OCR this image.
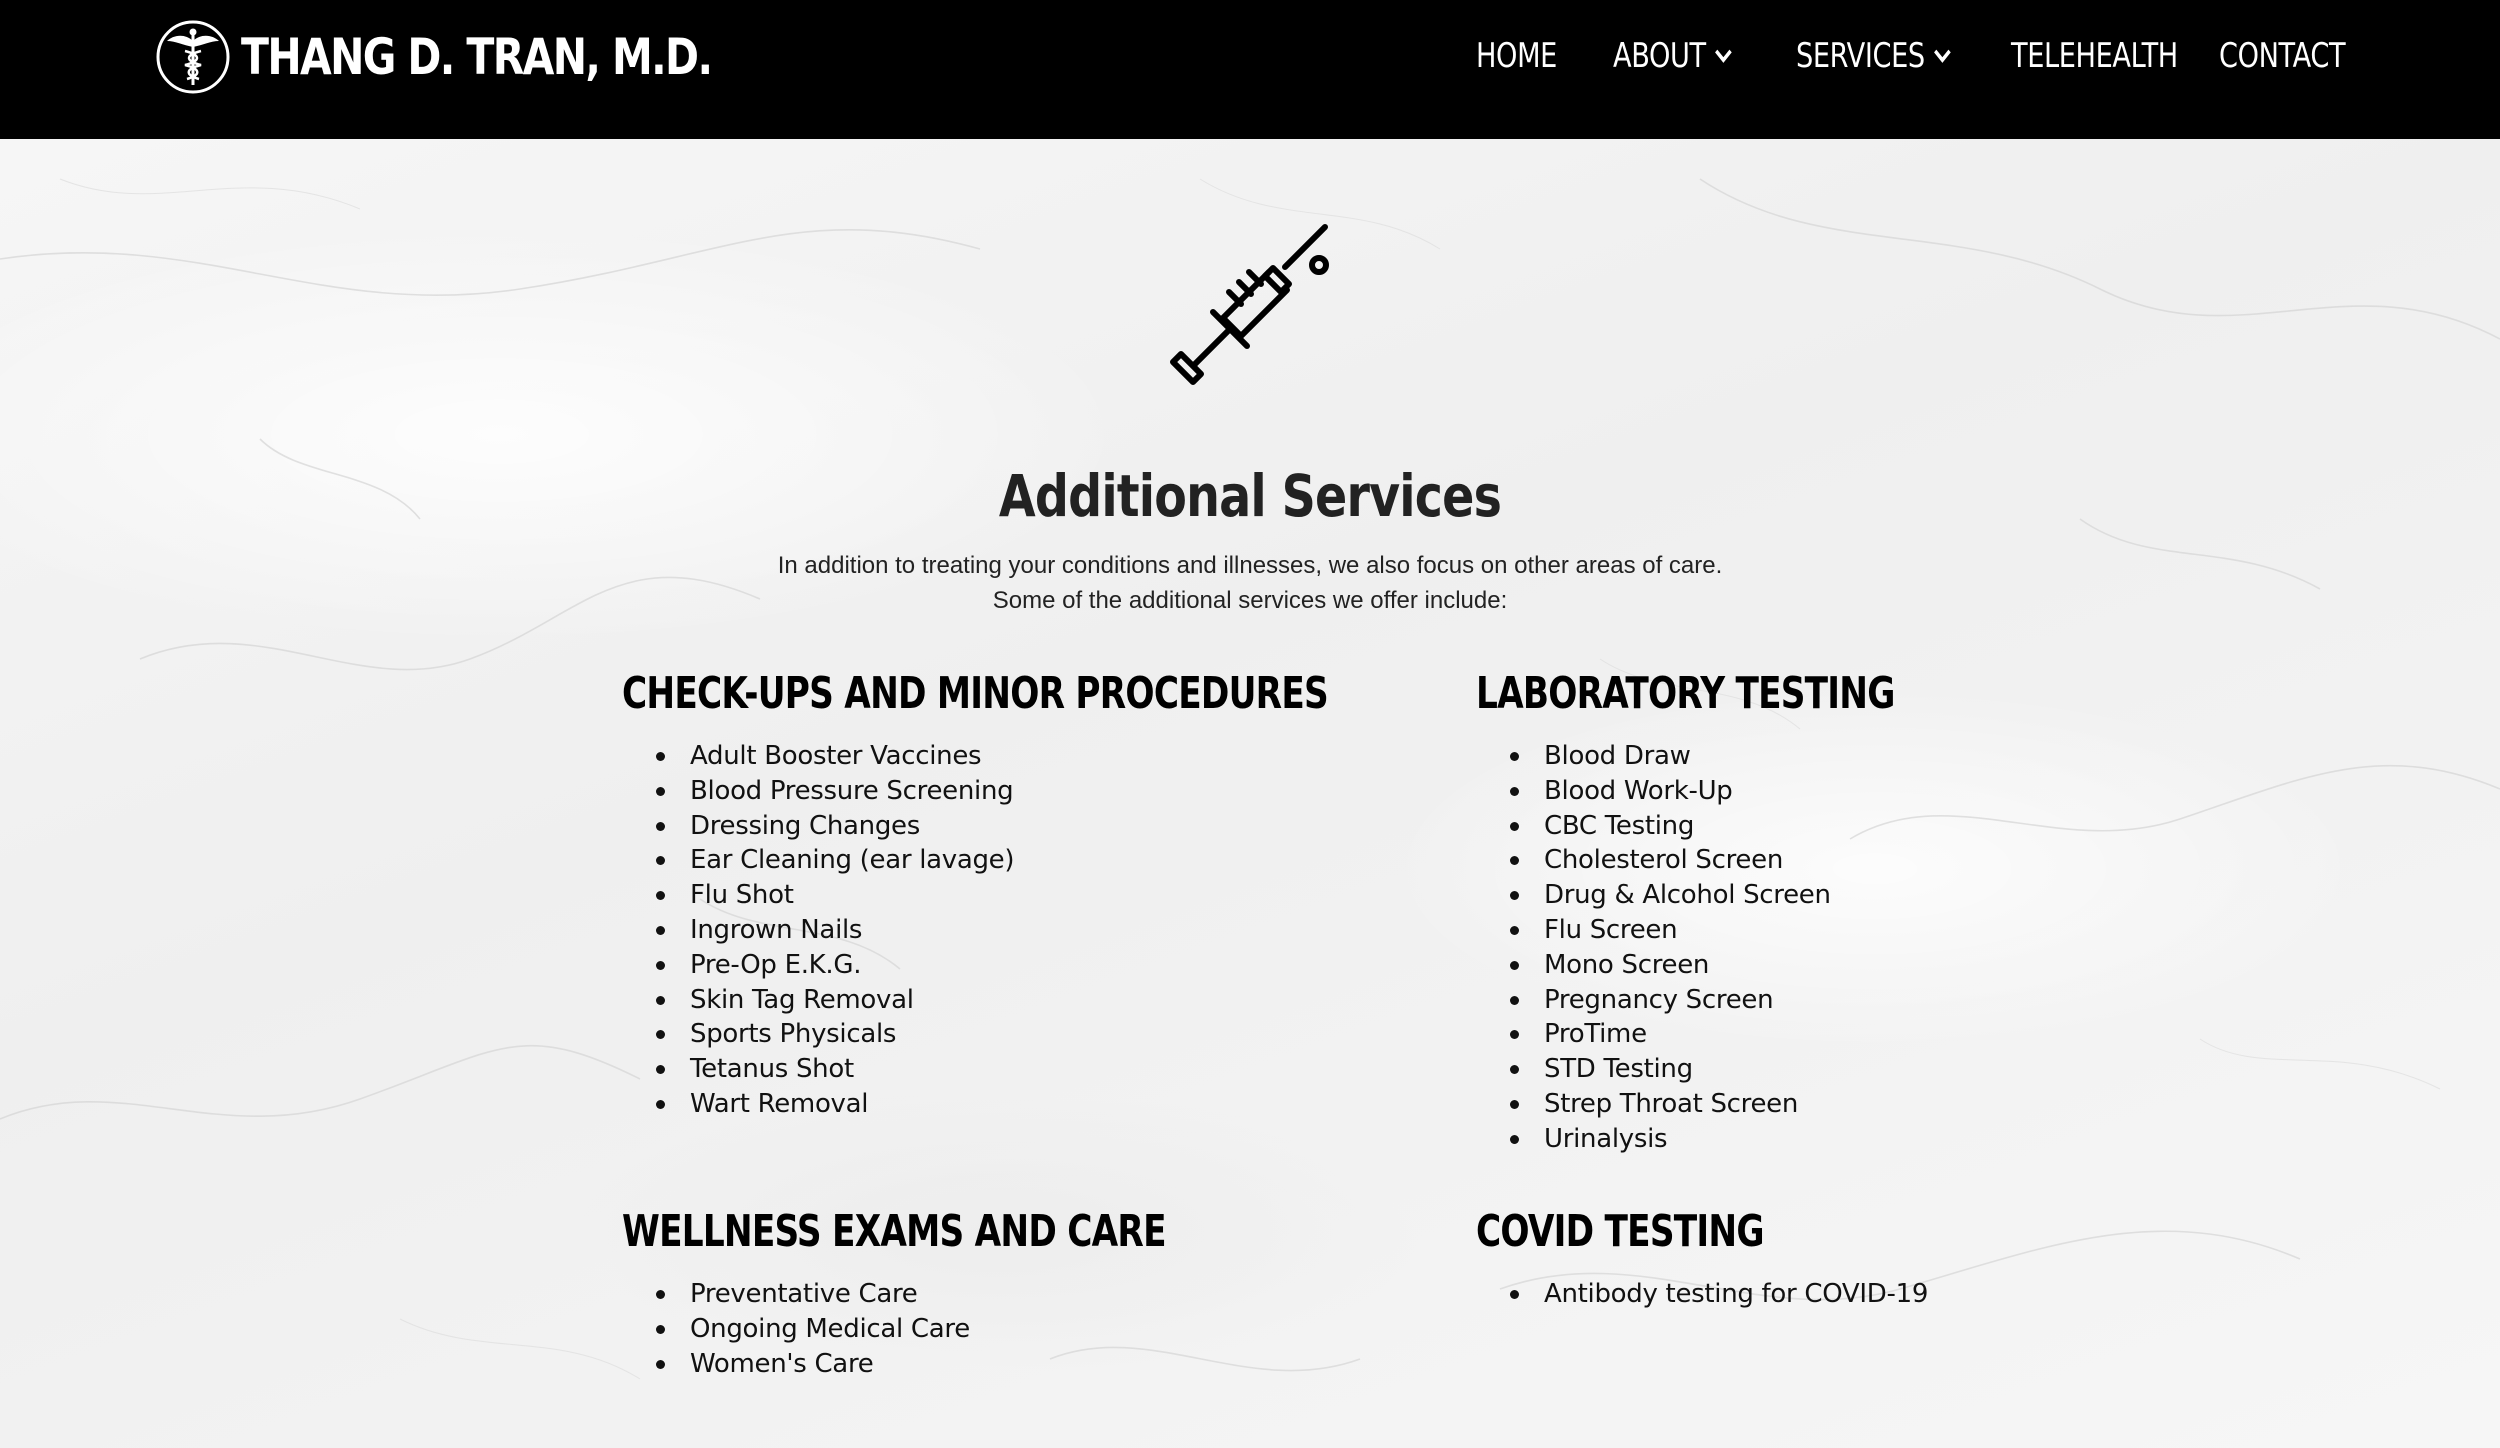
THANG D. TRAN, M.D.	HOME ABOUT	SERVICES	TELEHEALTH CONTACT
Additional Services
In addition to treating your conditions and illnesses, we also focus on other areas of care.
Some of the additional services we offer include:
CHECK-UPS AND MINOR PROCEDURES
Adult Booster Vaccines
Blood Pressure Screening
Dressing Changes
Ear Cleaning (ear lavage)
Flu Shot
Ingrown Nails
Pre-Op E.K.G.
Skin Tag Removal
Sports Physicals
Tetanus Shot
Wart Removal
LABORATORY TESTING
Blood Draw
Blood Work-Up
CBC Testing
Cholesterol Screen
Drug & Alcohol Screen
Flu Screen
Mono Screen
Pregnancy Screen
ProTime
STD Testing
Strep Throat Screen
Urinalysis
WELLNESS EXAMS AND CARE
Preventative Care
Ongoing Medical Care
Women's Care
COVID TESTING
Antibody testing for COVID-19
